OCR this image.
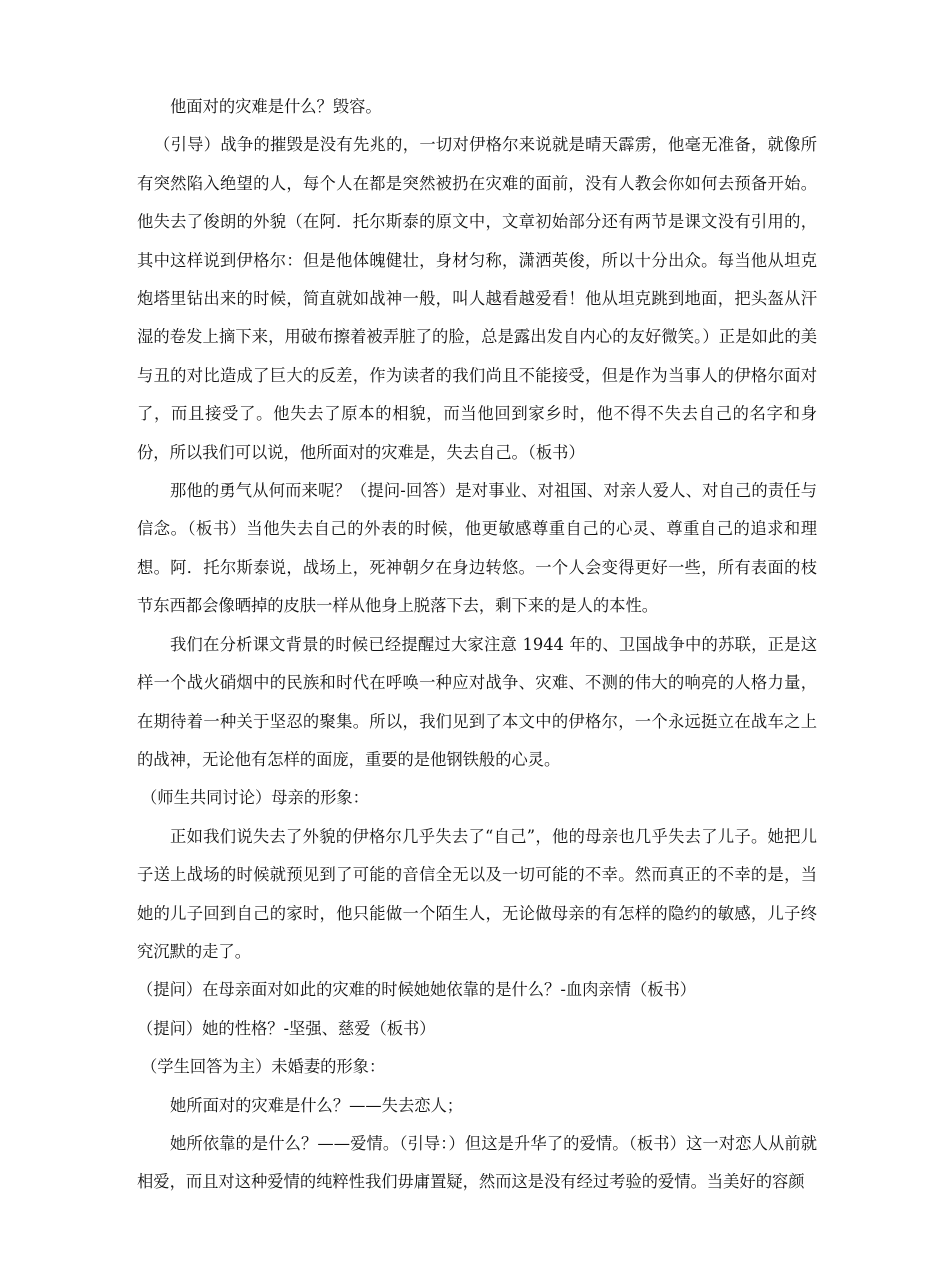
他面对的灾难是什么？毁容。

（引导）战争的摧毁是没有先兆的，一切对伊格尔来说就是晴天霹雳，他毫无准备，就像所有突然陷入绝望的人，每个人在都是突然被扔在灾难的面前，没有人教会你如何去预备开始。他失去了俊朗的外貌（在阿．托尔斯泰的原文中，文章初始部分还有两节是课文没有引用的，其中这样说到伊格尔：但是他体魄健壮，身材匀称，潇洒英俊，所以十分出众。每当他从坦克炮塔里钻出来的时候，简直就如战神一般，叫人越看越爱看！他从坦克跳到地面，把头盔从汗湿的卷发上摘下来，用破布擦着被弄脏了的脸，总是露出发自内心的友好微笑。）正是如此的美与丑的对比造成了巨大的反差，作为读者的我们尚且不能接受，但是作为当事人的伊格尔面对了，而且接受了。他失去了原本的相貌，而当他回到家乡时，他不得不失去自己的名字和身份，所以我们可以说，他所面对的灾难是，失去自己。（板书）

那他的勇气从何而来呢？（提问-回答）是对事业、对祖国、对亲人爱人、对自己的责任与信念。（板书）当他失去自己的外表的时候，他更敏感尊重自己的心灵、尊重自己的追求和理想。阿．托尔斯泰说，战场上，死神朝夕在身边转悠。一个人会变得更好一些，所有表面的枝节东西都会像晒掉的皮肤一样从他身上脱落下去，剩下来的是人的本性。

我们在分析课文背景的时候已经提醒过大家注意 1944 年的、卫国战争中的苏联，正是这样一个战火硝烟中的民族和时代在呼唤一种应对战争、灾难、不测的伟大的响亮的人格力量，在期待着一种关于坚忍的聚集。所以，我们见到了本文中的伊格尔，一个永远挺立在战车之上的战神，无论他有怎样的面庞，重要的是他钢铁般的心灵。

（师生共同讨论）母亲的形象：

正如我们说失去了外貌的伊格尔几乎失去了“自己”，他的母亲也几乎失去了儿子。她把儿子送上战场的时候就预见到了可能的音信全无以及一切可能的不幸。然而真正的不幸的是，当她的儿子回到自己的家时，他只能做一个陌生人，无论做母亲的有怎样的隐约的敏感，儿子终究沉默的走了。

（提问）在母亲面对如此的灾难的时候她她依靠的是什么？-血肉亲情（板书）

（提问）她的性格？-坚强、慈爱（板书）

（学生回答为主）未婚妻的形象：

她所面对的灾难是什么？——失去恋人；

她所依靠的是什么？——爱情。（引导：）但这是升华了的爱情。（板书）这一对恋人从前就相爱，而且对这种爱情的纯粹性我们毋庸置疑，然而这是没有经过考验的爱情。当美好的容颜
